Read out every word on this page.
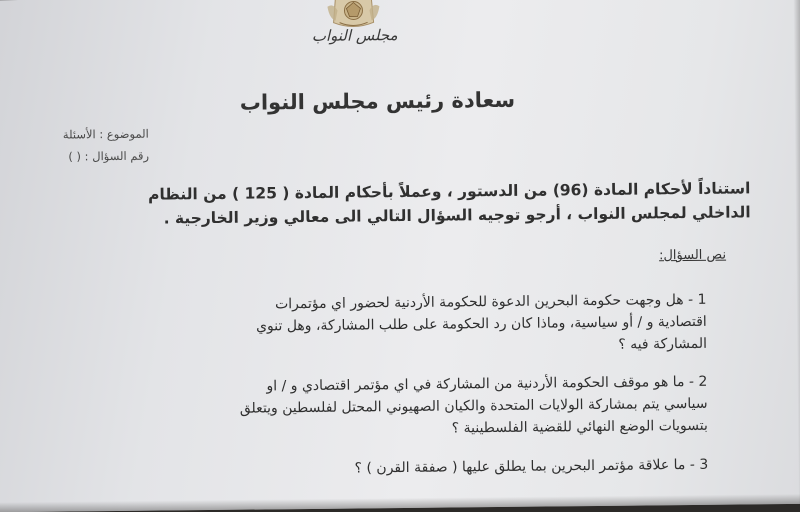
مجلس النواب
سعادة رئيس مجلس النواب
الموضوع : الأسئلة
رقم السؤال : ( )
استناداً لأحكام المادة (96) من الدستور ، وعملاً بأحكام المادة ( 125 ) من النظام
الداخلي لمجلس النواب ، أرجو توجيه السؤال التالي الى معالي وزير الخارجية .
نص السؤال:
1 - هل وجهت حكومة البحرين الدعوة للحكومة الأردنية لحضور اي مؤتمرات
اقتصادية و / أو سياسية، وماذا كان رد الحكومة على طلب المشاركة، وهل تنوي
المشاركة فيه ؟
2 - ما هو موقف الحكومة الأردنية من المشاركة في اي مؤتمر اقتصادي و / او
سياسي يتم بمشاركة الولايات المتحدة والكيان الصهيوني المحتل لفلسطين ويتعلق
بتسويات الوضع النهائي للقضية الفلسطينية ؟
3 - ما علاقة مؤتمر البحرين بما يطلق عليها ( صفقة القرن ) ؟
